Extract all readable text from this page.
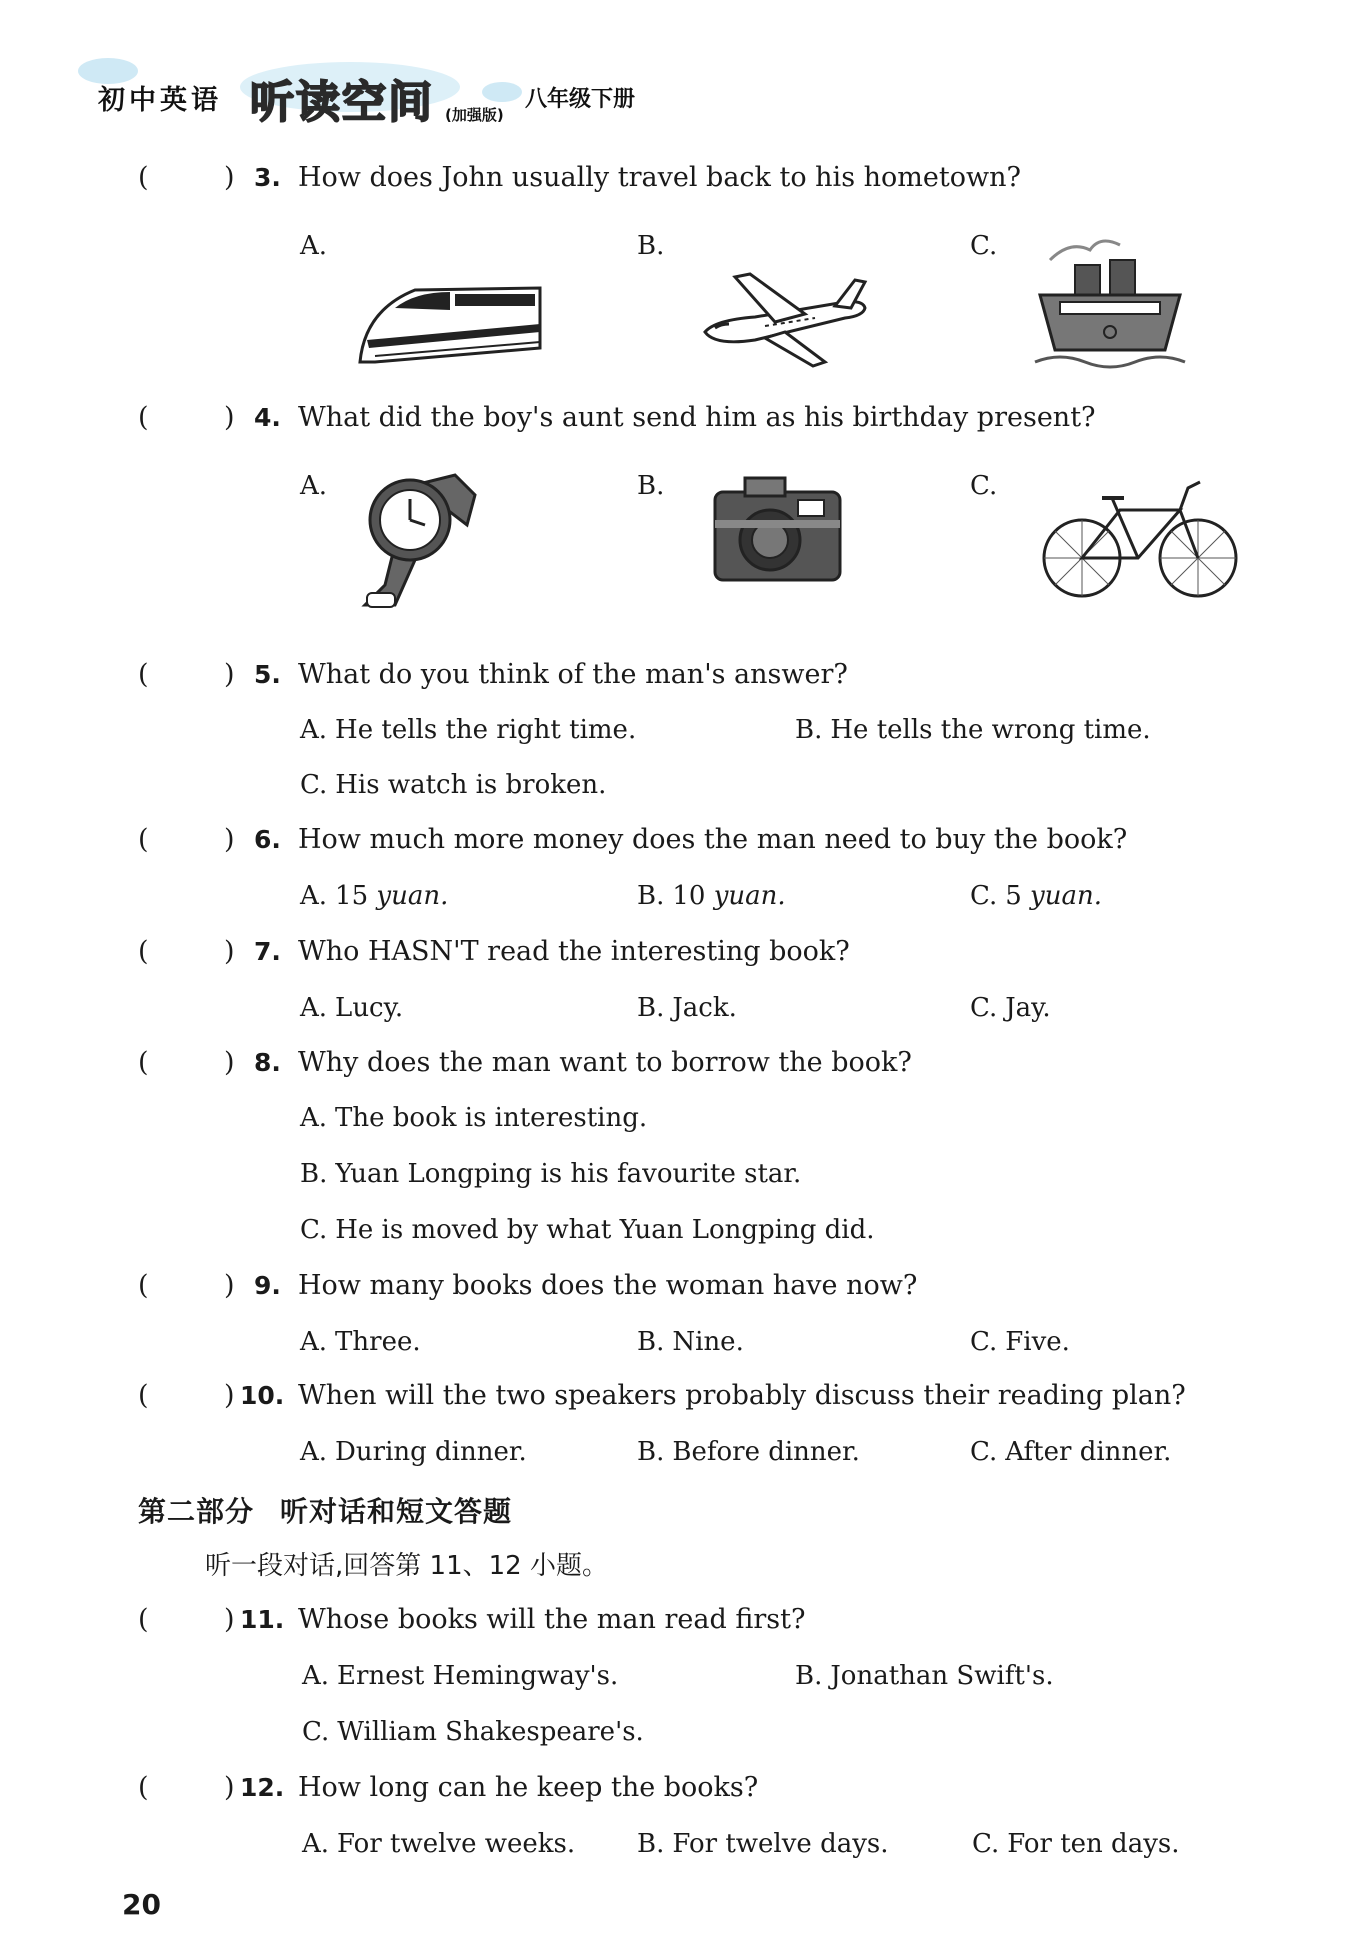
初中英语 听读空间 (加强版)
八年级下册
(	) 3. How does John usually travel back to his hometown?
A.	B.	C.
(	) 4. What did the boy's aunt send him as his birthday present?
A.	B.	C.
(	) 5. What do you think of the man's answer?
A. He tells the right time.	B. He tells the wrong time.
C. His watch is broken.
(	) 6. How much more money does the man need to buy the book?
A. 15 yuan.	B. 10 yuan.	C. 5 yuan.
(	) 7. Who HASN'T read the interesting book?
A. Lucy.	B. Jack.	C. Jay.
(	) 8. Why does the man want to borrow the book?
A. The book is interesting.
B. Yuan Longping is his favourite star.
C. He is moved by what Yuan Longping did.
(	) 9. How many books does the woman have now?
A. Three.	B. Nine.	C. Five.
(	) 10. When will the two speakers probably discuss their reading plan?
A. During dinner.	B. Before dinner.	C. After dinner.
第二部分 听对话和短文答题
听一段对话,回答第 11、12 小题。
(	) 11. Whose books will the man read first?
A. Ernest Hemingway's.	B. Jonathan Swift's.
C. William Shakespeare's.
(	) 12. How long can he keep the books?
A. For twelve weeks. B. For twelve days.	C. For ten days.
20
